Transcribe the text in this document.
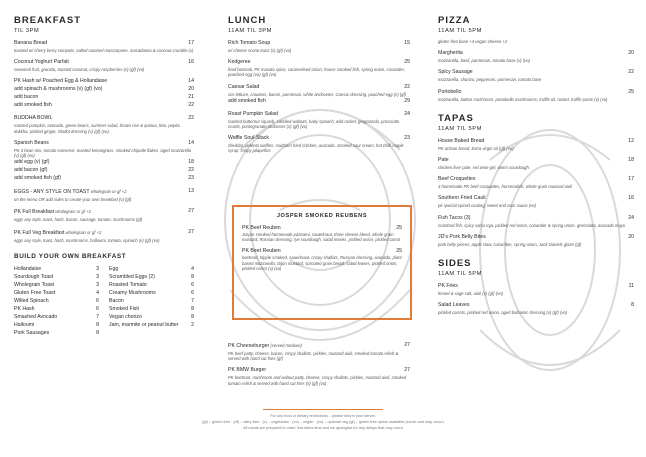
BREAKFAST
TIL 3PM
Banana Bread	17
toasted w/ cherry berry compote, salted caramel mascarpone, macadamia & coconut crumble (v)
Coconut Yoghurt Parfait	16
seasonal fruit, granola, toasted coconut, crispy raspberries (v) (gf) (vo)
PK Hash w/ Poached Egg & Hollandaise	14
add spinach & mushrooms (v) (gf) (vo)	20
add bacon	21
add smoked fish	22
BUDDHA BOWL	22
roasted pumpkin, avocado, green beans, summer salad, brown rice & quinoa, feta, pepita dukkha, pickled ginger, shallot dressing (v) (gf) (vo)
Spanish Beans	14
PK 3 bean mix, tomato conserve, toasted lemongrass, smoked chipotle flakes, aged mozzarella (v) (gf) (vo)
add egg (v) (gf)	18
add bacon (gf)	22
add smoked fish (gf)	23
EGGS - ANY STYLE ON TOAST wholegrain or gf +2	13
on the menu OR add sides to create your own breakfast (v) (gf)
PK Full Breakfast wholegrain or gf +2	27
eggs any style, toast, hash, bacon, sausage, tomato, mushrooms (gf)
PK Full Veg Breakfast wholegrain or gf +2	27
eggs any style, toast, hash, mushrooms, halloumi, tomato, spinach (v) (gf) (vo)
BUILD YOUR OWN BREAKFAST
Hollandaise	3
Sourdough Toast	3
Wholegrain Toast	3
Gluten Free Toast	4
Wilted Spinach	6
PK Hash	6
Smashed Avocado	7
Halloumi	8
Pork Sausages	8
Egg	4
Scrambled Eggs (2)	8
Roasted Tomato	6
Creamy Mushrooms	6
Bacon	7
Smoked Fish	8
Vegan chorizo	8
Jam, marmite or peanut butter 2
LUNCH
11AM TIL 3PM
Rich Tomato Soup	15
w/ cheese scone toast (v) (gf) (vo)
Kedgeree	25
fried basmati, PK masala spice, caramelised onion, house smoked fish, spring onion, coriander, poached egg (vo) (gf) (vo)
Caesar Salad	22
cos lettuce, croutons, bacon, parmesan, white anchovies, Caesar dressing, poached egg (v) (gf)
add smoked fish	29
Roast Pumpkin Salad	24
roasted butternut squash, candied walnuts, baby spinach, wild rocket, gorgonzola, prosciutto crumb, pomegranate molasses (v) (gf) (vo)
Waffle Soul-Stack	23
cheddar, polenta waffles, southern fried chicken, avocado, smoked sour cream, hot chilli maple syrup, crispy jalapeños
JOSPER SMOKED REUBENS
PK Beef Reuben	25
Josper smoked homemade pastrami, sauerkraut, three cheese blend, whole grain mustard, Russian dressing, rye sourdough, salad leaves, pickled onion, pickled carrot
PK Beet Reuben	25
beetroot, tripple smoked, sauerkraut, crispy shallots, Russian dressing, avocado, plant based mozzarella, Dijon mustard, sprouted grain bread, salad leaves, pickled onion, pickled carrot (v) (vo)
PK Cheeseburger (served medium)	27
PK beef patty, cheese, bacon, crispy shallots, pickles, mustard aioli, smoked tomato relish & served with hand cut fries (gf)
PK BMW Burger	27
PK beetroot, mushroom and walnut patty, cheese, crispy shallots, pickles, mustard aioli, smoked tomato relish & served with hand cut fries (v) (gf) (vo)
PIZZA
11AM TIL 5PM
gluten free base +4 vegan cheese +2
Margherita	20
mozzarella, basil, parmesan, tomato base (v) (vo)
Spicy Sausage	22
mozzarella, chorizo, pepperoni, parmesan, tomato base
Portobello	25
mozzarella, button mushroom, portobello mushrooms, truffle oil, rocket, truffle paste (v) (vo)
TAPAS
11AM TIL 5PM
House Baked Bread	12
PK artisan bread, Extra virgin oil (gf) (vo)
Pate	18
chicken liver pate, red wine gel, warm sourdough
Beef Croquettes	17
3 homemade PK beef croquettes, horseradish, whole grain mustard aioli
Southern Fried Cauli	16
pk special spiced coating, sweet and sour sauce (ve)
Fish Tacos (3)	24
crumbed fish, spicy salsa roja, pickled red onion, coriander & spring onion, gremolata, avocado mayo
JD's Pork Belly Bites	20
pork belly pieces, apple slaw, cucumber, spring onion, Jack Daniels glaze (gf)
SIDES
11AM TIL 5PM
PK Fries	11
fennel & sage salt, aioli (v) (gf) (vo)
Salad Leaves	8
pickled carrots, pickled red onion, aged balsamic dressing (v) (gf) (vo)
For any food or dietary restrictions – please inform your server.
(gf) – gluten free · (df) – dairy free · (v) – vegetarian · (ve) – vegan · (vo) – optional veg (gf) – gluten free option available (some cost may occur)
All meals are prepared to order, this takes time and we apologise for any delays that may occur
